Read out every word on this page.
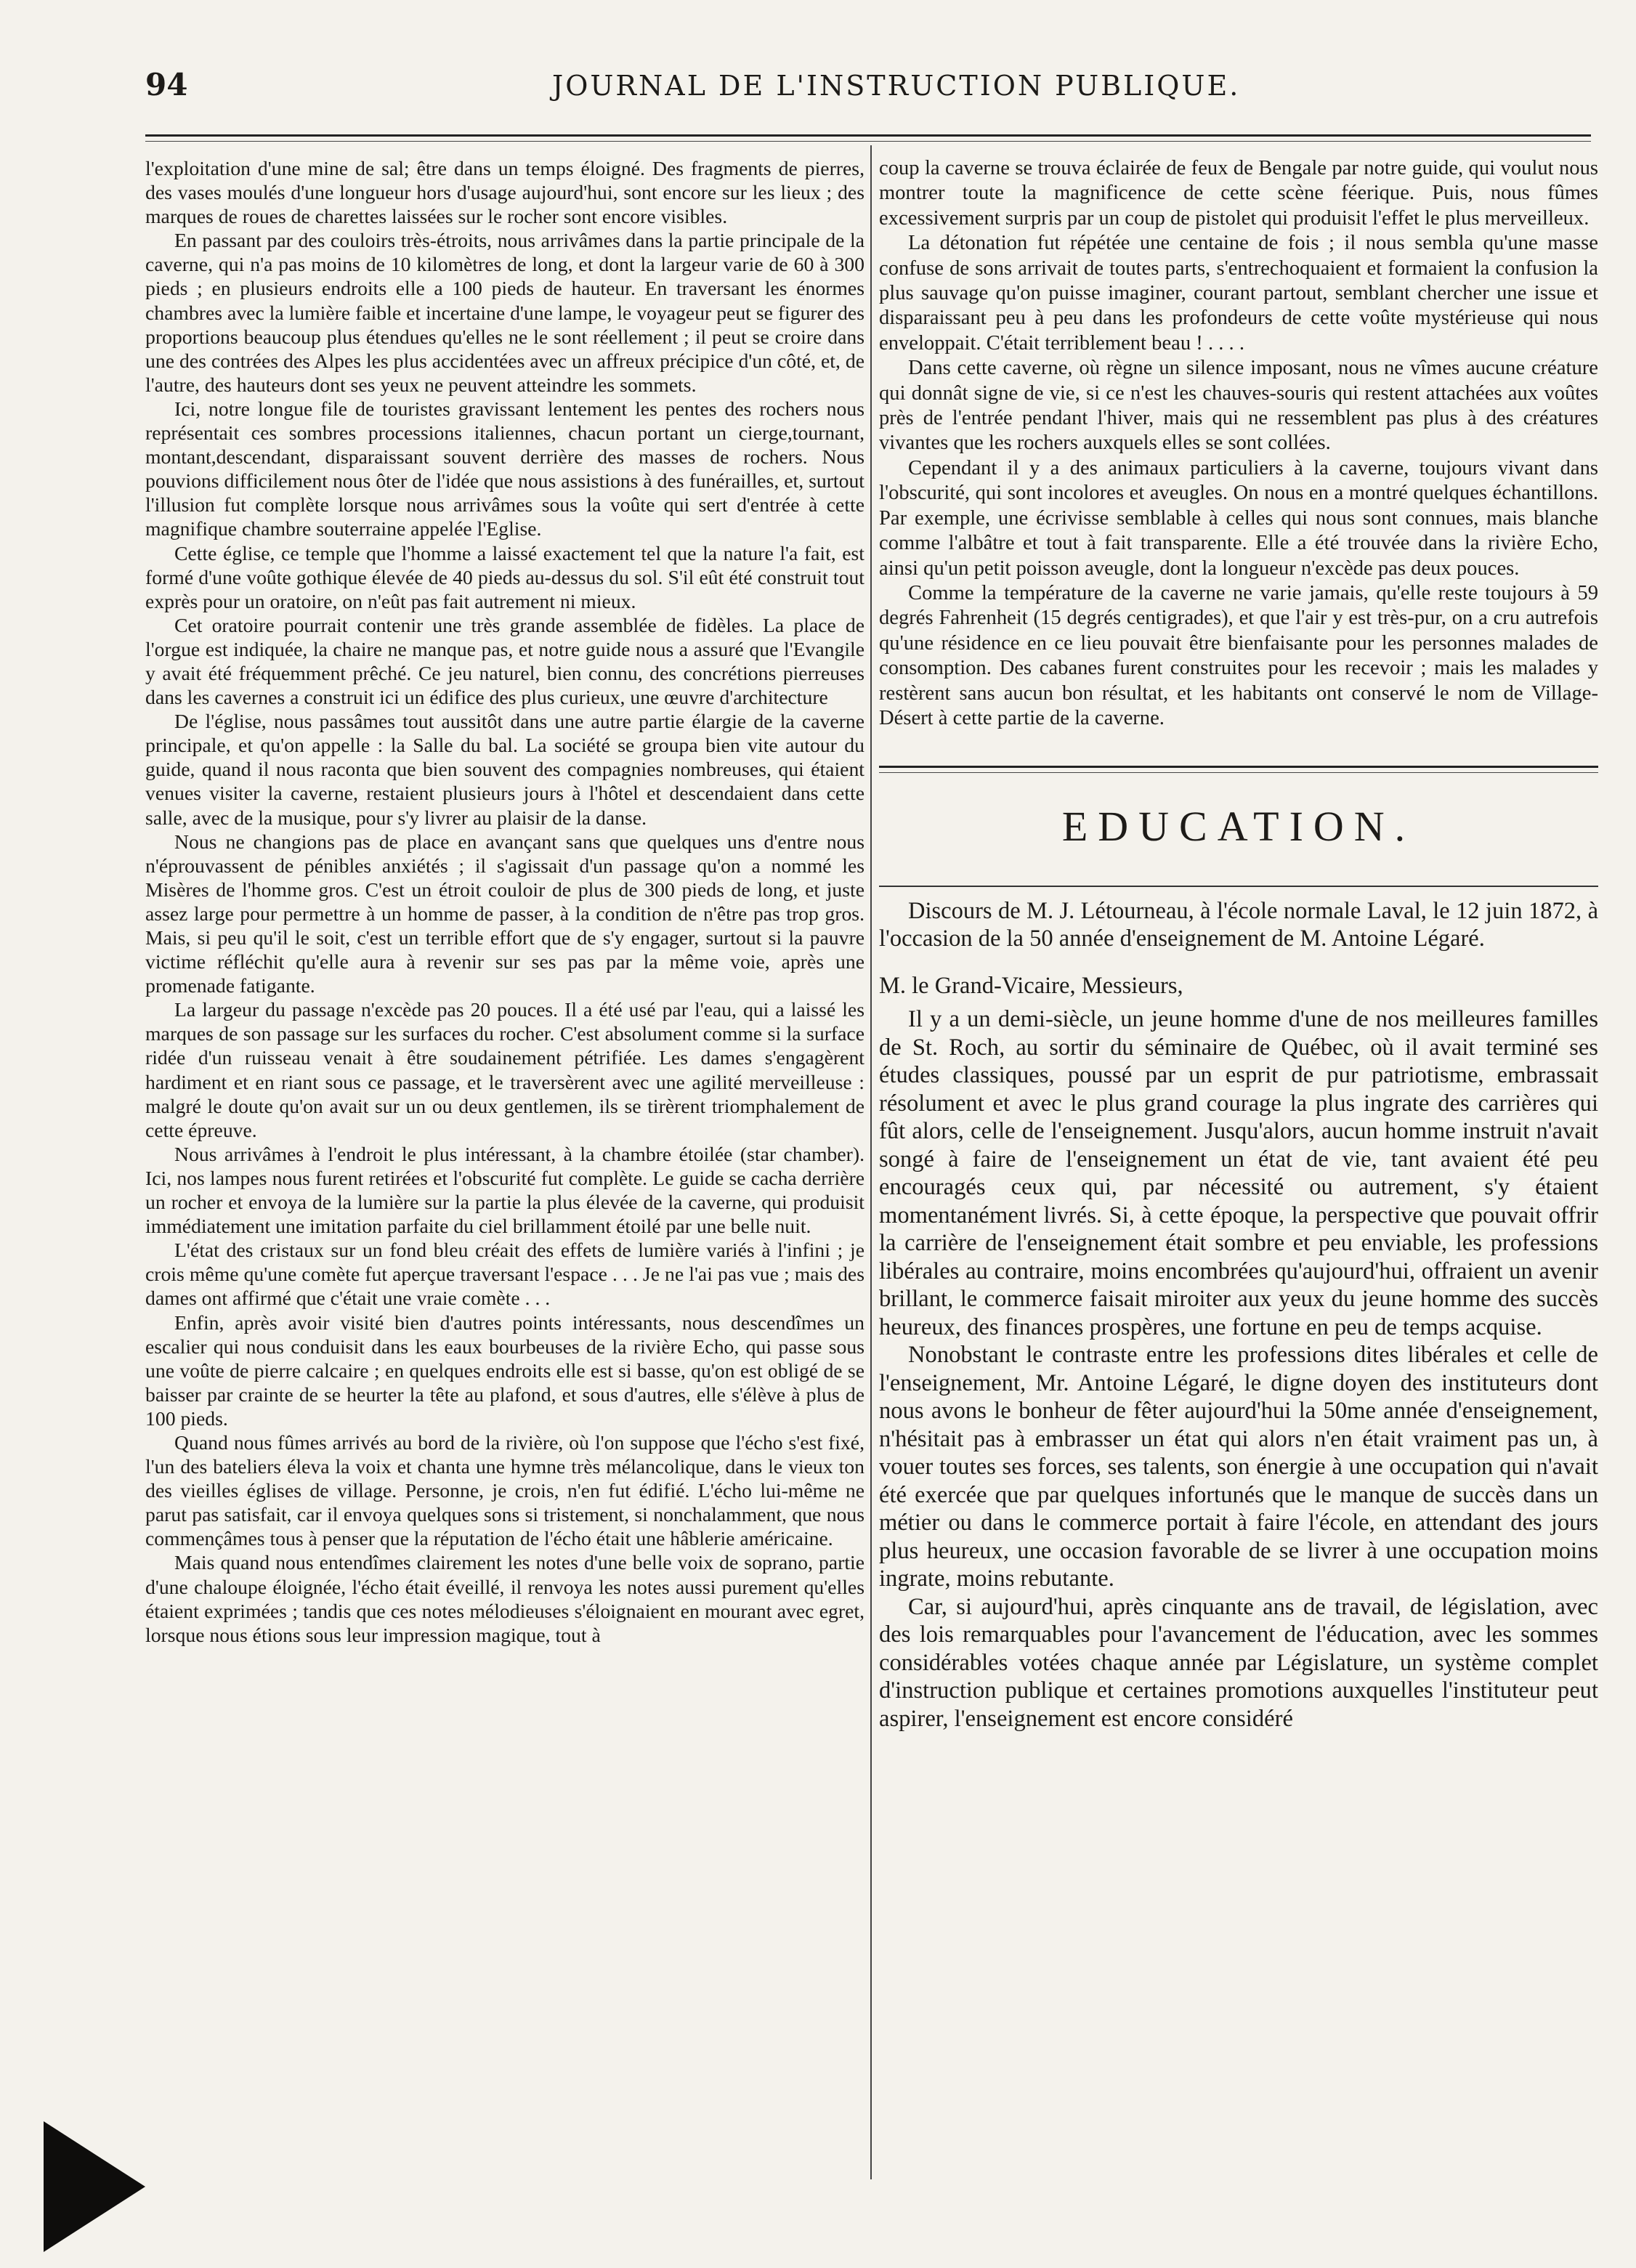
94	JOURNAL DE L'INSTRUCTION PUBLIQUE.

l'exploitation d'une mine de sal; être dans un temps éloigné. Des fragments de pierres, des vases moulés d'une longueur hors d'usage aujourd'hui, sont encore sur les lieux ; des marques de roues de charettes laissées sur le rocher sont encore visibles.

En passant par des couloirs très-étroits, nous arrivâmes dans la partie principale de la caverne, qui n'a pas moins de 10 kilomètres de long, et dont la largeur varie de 60 à 300 pieds ; en plusieurs endroits elle a 100 pieds de hauteur. En traversant les énormes chambres avec la lumière faible et incertaine d'une lampe, le voyageur peut se figurer des proportions beaucoup plus étendues qu'elles ne le sont réellement ; il peut se croire dans une des contrées des Alpes les plus accidentées avec un affreux précipice d'un côté, et, de l'autre, des hauteurs dont ses yeux ne peuvent atteindre les sommets.

Ici, notre longue file de touristes gravissant lentement les pentes des rochers nous représentait ces sombres processions italiennes, chacun portant un cierge,tournant, montant,descendant, disparaissant souvent derrière des masses de rochers. Nous pouvions difficilement nous ôter de l'idée que nous assistions à des funérailles, et, surtout l'illusion fut complète lorsque nous arrivâmes sous la voûte qui sert d'entrée à cette magnifique chambre souterraine appelée l'Eglise.

Cette église, ce temple que l'homme a laissé exactement tel que la nature l'a fait, est formé d'une voûte gothique élevée de 40 pieds au-dessus du sol. S'il eût été construit tout exprès pour un oratoire, on n'eût pas fait autrement ni mieux.

Cet oratoire pourrait contenir une très grande assemblée de fidèles. La place de l'orgue est indiquée, la chaire ne manque pas, et notre guide nous a assuré que l'Evangile y avait été fréquemment prêché. Ce jeu naturel, bien connu, des concrétions pierreuses dans les cavernes a construit ici un édifice des plus curieux, une œuvre d'architecture

De l'église, nous passâmes tout aussitôt dans une autre partie élargie de la caverne principale, et qu'on appelle : la Salle du bal. La société se groupa bien vite autour du guide, quand il nous raconta que bien souvent des compagnies nombreuses, qui étaient venues visiter la caverne, restaient plusieurs jours à l'hôtel et descendaient dans cette salle, avec de la musique, pour s'y livrer au plaisir de la danse.

Nous ne changions pas de place en avançant sans que quelques uns d'entre nous n'éprouvassent de pénibles anxiétés ; il s'agissait d'un passage qu'on a nommé les Misères de l'homme gros. C'est un étroit couloir de plus de 300 pieds de long, et juste assez large pour permettre à un homme de passer, à la condition de n'être pas trop gros. Mais, si peu qu'il le soit, c'est un terrible effort que de s'y engager, surtout si la pauvre victime réfléchit qu'elle aura à revenir sur ses pas par la même voie, après une promenade fatigante.

La largeur du passage n'excède pas 20 pouces. Il a été usé par l'eau, qui a laissé les marques de son passage sur les surfaces du rocher. C'est absolument comme si la surface ridée d'un ruisseau venait à être soudainement pétrifiée. Les dames s'engagèrent hardiment et en riant sous ce passage, et le traversèrent avec une agilité merveilleuse : malgré le doute qu'on avait sur un ou deux gentlemen, ils se tirèrent triomphalement de cette épreuve.

Nous arrivâmes à l'endroit le plus intéressant, à la chambre étoilée (star chamber). Ici, nos lampes nous furent retirées et l'obscurité fut complète. Le guide se cacha derrière un rocher et envoya de la lumière sur la partie la plus élevée de la caverne, qui produisit immédiatement une imitation parfaite du ciel brillamment étoilé par une belle nuit.

L'état des cristaux sur un fond bleu créait des effets de lumière variés à l'infini ; je crois même qu'une comète fut aperçue traversant l'espace . . . Je ne l'ai pas vue ; mais des dames ont affirmé que c'était une vraie comète . . .

Enfin, après avoir visité bien d'autres points intéressants, nous descendîmes un escalier qui nous conduisit dans les eaux bourbeuses de la rivière Echo, qui passe sous une voûte de pierre calcaire ; en quelques endroits elle est si basse, qu'on est obligé de se baisser par crainte de se heurter la tête au plafond, et sous d'autres, elle s'élève à plus de 100 pieds.

Quand nous fûmes arrivés au bord de la rivière, où l'on suppose que l'écho s'est fixé, l'un des bateliers éleva la voix et chanta une hymne très mélancolique, dans le vieux ton des vieilles églises de village. Personne, je crois, n'en fut édifié. L'écho lui-même ne parut pas satisfait, car il envoya quelques sons si tristement, si nonchalamment, que nous commençâmes tous à penser que la réputation de l'écho était une hâblerie américaine.

Mais quand nous entendîmes clairement les notes d'une belle voix de soprano, partie d'une chaloupe éloignée, l'écho était éveillé, il renvoya les notes aussi purement qu'elles étaient exprimées ; tandis que ces notes mélodieuses s'éloignaient en mourant avec egret, lorsque nous étions sous leur impression magique, tout à

coup la caverne se trouva éclairée de feux de Bengale par notre guide, qui voulut nous montrer toute la magnificence de cette scène féerique. Puis, nous fûmes excessivement surpris par un coup de pistolet qui produisit l'effet le plus merveilleux.

La détonation fut répétée une centaine de fois ; il nous sembla qu'une masse confuse de sons arrivait de toutes parts, s'entrechoquaient et formaient la confusion la plus sauvage qu'on puisse imaginer, courant partout, semblant chercher une issue et disparaissant peu à peu dans les profondeurs de cette voûte mystérieuse qui nous enveloppait. C'était terriblement beau ! . . . .

Dans cette caverne, où règne un silence imposant, nous ne vîmes aucune créature qui donnât signe de vie, si ce n'est les chauves-souris qui restent attachées aux voûtes près de l'entrée pendant l'hiver, mais qui ne ressemblent pas plus à des créatures vivantes que les rochers auxquels elles se sont collées.

Cependant il y a des animaux particuliers à la caverne, toujours vivant dans l'obscurité, qui sont incolores et aveugles. On nous en a montré quelques échantillons. Par exemple, une écrivisse semblable à celles qui nous sont connues, mais blanche comme l'albâtre et tout à fait transparente. Elle a été trouvée dans la rivière Echo, ainsi qu'un petit poisson aveugle, dont la longueur n'excède pas deux pouces.

Comme la température de la caverne ne varie jamais, qu'elle reste toujours à 59 degrés Fahrenheit (15 degrés centigrades), et que l'air y est très-pur, on a cru autrefois qu'une résidence en ce lieu pouvait être bienfaisante pour les personnes malades de consomption. Des cabanes furent construites pour les recevoir ; mais les malades y restèrent sans aucun bon résultat, et les habitants ont conservé le nom de Village-Désert à cette partie de la caverne.

EDUCATION.
Discours de M. J. Létourneau, à l'école normale Laval, le 12 juin 1872, à l'occasion de la 50 année d'enseignement de M. Antoine Légaré.
M. le Grand-Vicaire, Messieurs,

Il y a un demi-siècle, un jeune homme d'une de nos meilleures familles de St. Roch, au sortir du séminaire de Québec, où il avait terminé ses études classiques, poussé par un esprit de pur patriotisme, embrassait résolument et avec le plus grand courage la plus ingrate des carrières qui fût alors, celle de l'enseignement. Jusqu'alors, aucun homme instruit n'avait songé à faire de l'enseignement un état de vie, tant avaient été peu encouragés ceux qui, par nécessité ou autrement, s'y étaient momentanément livrés. Si, à cette époque, la perspective que pouvait offrir la carrière de l'enseignement était sombre et peu enviable, les professions libérales au contraire, moins encombrées qu'aujourd'hui, offraient un avenir brillant, le commerce faisait miroiter aux yeux du jeune homme des succès heureux, des finances prospères, une fortune en peu de temps acquise.

Nonobstant le contraste entre les professions dites libérales et celle de l'enseignement, Mr. Antoine Légaré, le digne doyen des instituteurs dont nous avons le bonheur de fêter aujourd'hui la 50me année d'enseignement, n'hésitait pas à embrasser un état qui alors n'en était vraiment pas un, à vouer toutes ses forces, ses talents, son énergie à une occupation qui n'avait été exercée que par quelques infortunés que le manque de succès dans un métier ou dans le commerce portait à faire l'école, en attendant des jours plus heureux, une occasion favorable de se livrer à une occupation moins ingrate, moins rebutante.

Car, si aujourd'hui, après cinquante ans de travail, de législation, avec des lois remarquables pour l'avancement de l'éducation, avec les sommes considérables votées chaque année par Législature, un système complet d'instruction publique et certaines promotions auxquelles l'instituteur peut aspirer, l'enseignement est encore considéré
